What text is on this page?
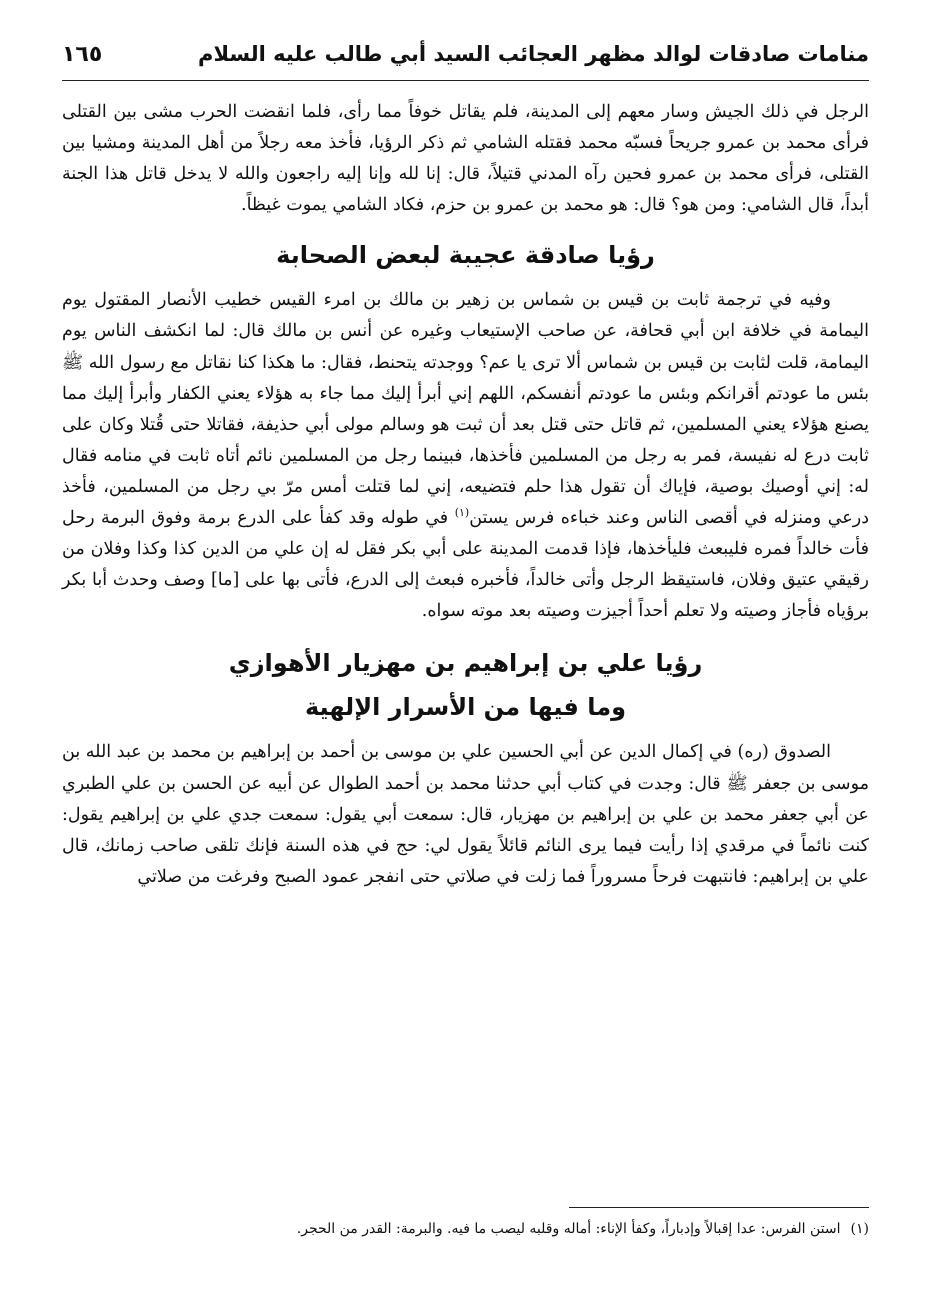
منامات صادقات لوالد مظهر العجائب السيد أبي طالب عليه السلام
١٦٥

الرجل في ذلك الجيش وسار معهم إلى المدينة، فلم يقاتل خوفاً مما رأى، فلما انقضت الحرب مشى بين القتلى فرأى محمد بن عمرو جريحاً فسبّه محمد فقتله الشامي ثم ذكر الرؤيا، فأخذ معه رجلاً من أهل المدينة ومشيا بين القتلى، فرأى محمد بن عمرو فحين رآه المدني قتيلاً، قال: إنا لله وإنا إليه راجعون والله لا يدخل قاتل هذا الجنة أبداً، قال الشامي: ومن هو؟ قال: هو محمد بن عمرو بن حزم، فكاد الشامي يموت غيظاً.

رؤيا صادقة عجيبة لبعض الصحابة

وفيه في ترجمة ثابت بن قيس بن شماس بن زهير بن مالك بن امرء القيس خطيب الأنصار المقتول يوم اليمامة في خلافة ابن أبي قحافة، عن صاحب الإستيعاب وغيره عن أنس بن مالك قال: لما انكشف الناس يوم اليمامة، قلت لثابت بن قيس بن شماس ألا ترى يا عم؟ ووجدته يتحنط، فقال: ما هكذا كنا نقاتل مع رسول الله ﷺ بئس ما عودتم أقرانكم وبئس ما عودتم أنفسكم، اللهم إني أبرأ إليك مما جاء به هؤلاء يعني الكفار وأبرأ إليك مما يصنع هؤلاء يعني المسلمين، ثم قاتل حتى قتل بعد أن ثبت هو وسالم مولى أبي حذيفة، فقاتلا حتى قُتلا وكان على ثابت درع له نفيسة، فمر به رجل من المسلمين فأخذها، فبينما رجل من المسلمين نائم أتاه ثابت في منامه فقال له: إني أوصيك بوصية، فإياك أن تقول هذا حلم فتضيعه، إني لما قتلت أمس مرّ بي رجل من المسلمين، فأخذ درعي ومنزله في أقصى الناس وعند خباءه فرس يستن$^{(١)}$ في طوله وقد كفأ على الدرع برمة وفوق البرمة رحل فأت خالداً فمره فليبعث فليأخذها، فإذا قدمت المدينة على أبي بكر فقل له إن علي من الدين كذا وكذا وفلان من رقيقي عتيق وفلان، فاستيقظ الرجل وأتى خالداً، فأخبره فبعث إلى الدرع، فأتى بها على [ما] وصف وحدث أبا بكر برؤياه فأجاز وصيته ولا تعلم أحداً أجيزت وصيته بعد موته سواه.

رؤيا علي بن إبراهيم بن مهزيار الأهوازي
وما فيها من الأسرار الإلهية

الصدوق (ره) في إكمال الدين عن أبي الحسين علي بن موسى بن أحمد بن إبراهيم بن محمد بن عبد الله بن موسى بن جعفر ﷺ قال: وجدت في كتاب أبي حدثنا محمد بن أحمد الطوال عن أبيه عن الحسن بن علي الطبري عن أبي جعفر محمد بن علي بن إبراهيم بن مهزيار، قال: سمعت أبي يقول: سمعت جدي علي بن إبراهيم يقول: كنت نائماً في مرقدي إذا رأيت فيما يرى النائم قائلاً يقول لي: حج في هذه السنة فإنك تلقى صاحب زمانك، قال علي بن إبراهيم: فانتبهت فرحاً مسروراً فما زلت في صلاتي حتى انفجر عمود الصبح وفرغت من صلاتي

(١)استن الفرس: عدا إقبالاً وإدباراً، وكفأ الإناء: أماله وقلبه ليصب ما فيه. والبرمة: القدر من الحجر.
